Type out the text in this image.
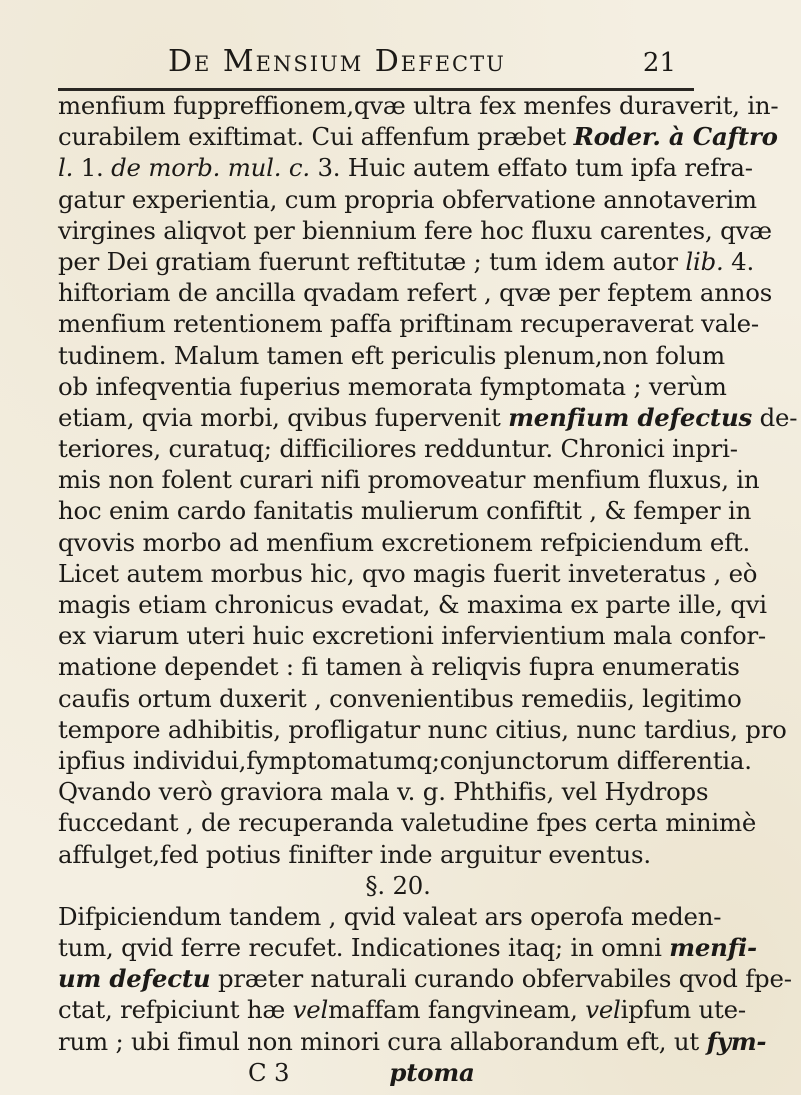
De Mensium Defectu	21
menfium fuppreffionem,qvæ ultra fex menfes duraverit, in-
curabilem exiftimat. Cui affenfum præbet Roder. à Caftro
l. 1. de morb. mul. c. 3. Huic autem effato tum ipfa refra-
gatur experientia, cum propria obfervatione annotaverim
virgines aliqvot per biennium fere hoc fluxu carentes, qvæ
per Dei gratiam fuerunt reftitutæ ; tum idem autor lib. 4.
hiftoriam de ancilla qvadam refert , qvæ per feptem annos
menfium retentionem paffa priftinam recuperaverat vale-
tudinem. Malum tamen eft periculis plenum,non folum
ob infeqventia fuperius memorata fymptomata ; verùm
etiam, qvia morbi, qvibus fupervenit menfium defectus de-
teriores, curatuq; difficiliores redduntur. Chronici inpri-
mis non folent curari nifi promoveatur menfium fluxus, in
hoc enim cardo fanitatis mulierum confiftit , & femper in
qvovis morbo ad menfium excretionem refpiciendum eft.
Licet autem morbus hic, qvo magis fuerit inveteratus , eò
magis etiam chronicus evadat, & maxima ex parte ille, qvi
ex viarum uteri huic excretioni infervientium mala confor-
matione dependet : fi tamen à reliqvis fupra enumeratis
caufis ortum duxerit , convenientibus remediis, legitimo
tempore adhibitis, profligatur nunc citius, nunc tardius, pro
ipfius individui,fymptomatumq;conjunctorum differentia.
Qvando verò graviora mala v. g. Phthifis, vel Hydrops
fuccedant , de recuperanda valetudine fpes certa minimè
affulget,fed potius finifter inde arguitur eventus.
§. 20.
Difpiciendum tandem , qvid valeat ars operofa meden-
tum, qvid ferre recufet. Indicationes itaq; in omni menfi-
um defectu præter naturali curando obfervabiles qvod fpe-
ctat, refpiciunt hæ velmaffam fangvineam, velipfum ute-
rum ; ubi fimul non minori cura allaborandum eft, ut fym-
C 3	ptoma
